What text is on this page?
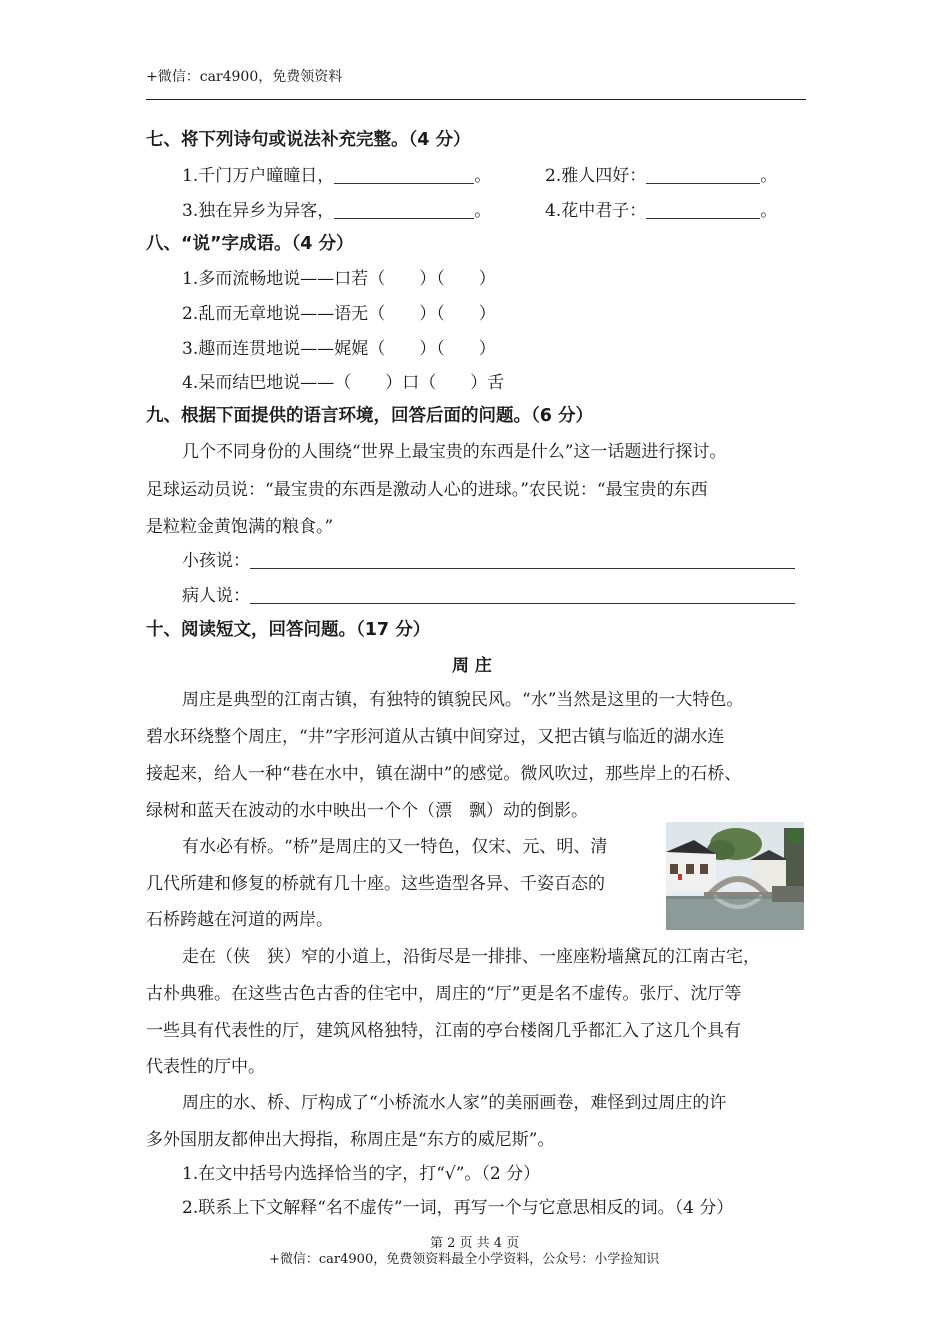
+微信：car4900，免费领资料
七、将下列诗句或说法补充完整。（4 分）
1.千门万户曈曈日，	。	2.雅人四好：	。
3.独在异乡为异客，	。	4.花中君子：	。
八、“说”字成语。（4 分）
1.多而流畅地说——口若（　　）（　　）
2.乱而无章地说——语无（　　）（　　）
3.趣而连贯地说——娓娓（　　）（　　）
4.呆而结巴地说——（　　）口（　　）舌
九、根据下面提供的语言环境，回答后面的问题。（6 分）
几个不同身份的人围绕“世界上最宝贵的东西是什么”这一话题进行探讨。
足球运动员说：“最宝贵的东西是激动人心的进球。”农民说：“最宝贵的东西
是粒粒金黄饱满的粮食。”
小孩说：
病人说：
十、阅读短文，回答问题。（17 分）
周 庄
周庄是典型的江南古镇，有独特的镇貌民风。“水”当然是这里的一大特色。
碧水环绕整个周庄，“井”字形河道从古镇中间穿过，又把古镇与临近的湖水连
接起来，给人一种“巷在水中，镇在湖中”的感觉。微风吹过，那些岸上的石桥、
绿树和蓝天在波动的水中映出一个个（漂　飘）动的倒影。
有水必有桥。“桥”是周庄的又一特色，仅宋、元、明、清
几代所建和修复的桥就有几十座。这些造型各异、千姿百态的
石桥跨越在河道的两岸。
走在（侠　狭）窄的小道上，沿街尽是一排排、一座座粉墙黛瓦的江南古宅，
古朴典雅。在这些古色古香的住宅中，周庄的“厅”更是名不虚传。张厅、沈厅等
一些具有代表性的厅，建筑风格独特，江南的亭台楼阁几乎都汇入了这几个具有
代表性的厅中。
周庄的水、桥、厅构成了“小桥流水人家”的美丽画卷，难怪到过周庄的许
多外国朋友都伸出大拇指，称周庄是“东方的威尼斯”。
1.在文中括号内选择恰当的字，打“√”。（2 分）
2.联系上下文解释“名不虚传”一词，再写一个与它意思相反的词。（4 分）
第 2 页 共 4 页
+微信：car4900，免费领资料最全小学资料，公众号：小学捡知识
